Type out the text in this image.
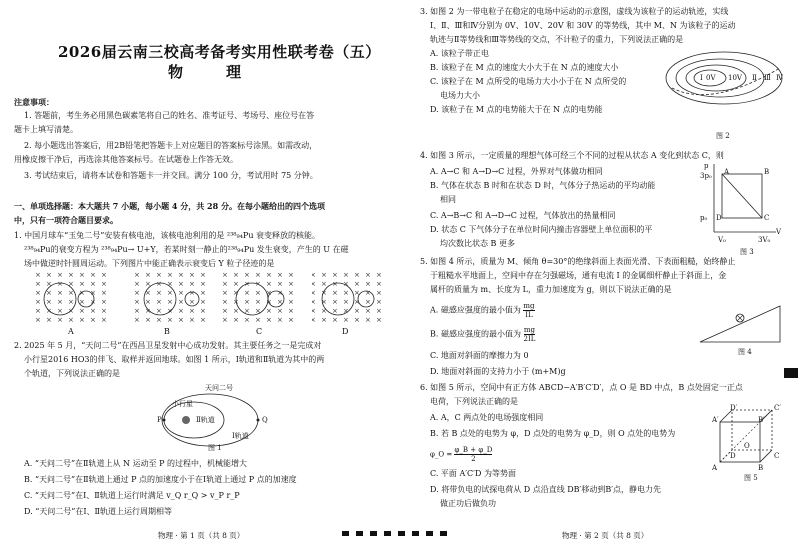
2026届云南三校高考备考实用性联考卷（五）
物　理
注意事项：
1. 答题前，考生务必用黑色碳素笔将自己的姓名、准考证号、考场号、座位号在答
题卡上填写清楚。
2. 每小题选出答案后，用2B铅笔把答题卡上对应题目的答案标号涂黑。如需改动，
用橡皮擦干净后，再选涂其他答案标号。在试题卷上作答无效。
3. 考试结束后，请将本试卷和答题卡一并交回。满分 100 分，考试用时 75 分钟。
一、单项选择题：本大题共 7 小题，每小题 4 分，共 28 分。在每小题给出的四个选项
中，只有一项符合题目要求。
1. 中国月球车“玉兔二号”安装有核电池，该核电池利用的是 ²³⁸₉₄Pu 衰变释放的核能。
²³⁸₉₄Pu的衰变方程为 ²³⁸₉₄Pu→ U+Y，若某时刻一静止的²³⁸₉₄Pu 发生衰变，产生的 U 在磁
场中做逆时针圆周运动。下列图片中能正确表示衰变后 Y 粒子径迹的是
A	B	C	D
2. 2025 年 5 月，“天问二号”在西昌卫星发射中心成功发射。其主要任务之一是完成对
小行星2016 HO3的伴飞、取样并返回地球。如图 1 所示，Ⅰ轨道和Ⅱ轨道为其中的两
个轨道，下列说法正确的是
天问二号
小行星
Ⅱ轨道
Ⅰ轨道
P	Q
图 1
A. “天问二号”在Ⅱ轨道上从 N 运动至 P 的过程中，机械能增大
B. “天问二号”在Ⅱ轨道上通过 P 点的加速度小于在Ⅰ轨道上通过 P 点的加速度
C. “天问二号”在Ⅰ、Ⅱ轨道上运行时满足 v_Q r_Q > v_P r_P
D. “天问二号”在Ⅰ、Ⅱ轨道上运行周期相等
物理 · 第 1 页（共 8 页）
3. 如图 2 为一带电粒子在稳定的电场中运动的示意图，虚线为该粒子的运动轨迹，实线
Ⅰ、Ⅱ、Ⅲ和Ⅳ分别为 0V、10V、20V 和 30V 的等势线，其中 M、N 为该粒子的运动
轨迹与Ⅱ等势线和Ⅲ等势线的交点，不计粒子的重力，下列说法正确的是
A. 该粒子带正电
B. 该粒子在 M 点的速度大小大于在 N 点的速度大小
C. 该粒子在 M 点所受的电场力大小小于在 N 点所受的
电场力大小
D. 该粒子在 M 点的电势能大于在 N 点的电势能
Ⅰ 0V 10V Ⅱ Ⅲ Ⅳ
图 2
4. 如图 3 所示，一定质量的理想气体可经三个不同的过程从状态 A 变化到状态 C，则
A. A→C 和 A→D→C 过程，外界对气体做功相同
B. 气体在状态 B 时和在状态 D 时，气体分子热运动的平均动能
相同
C. A→B→C 和 A→D→C 过程，气体放出的热量相同
D. 状态 C 下气体分子在单位时间内撞击容器壁上单位面积的平
均次数比状态 B 更多
p
V
3p₀
p₀
V₀	3V₀
A	B
C
D
图 3
5. 如图 4 所示，质量为 M、倾角 θ=30°的绝缘斜面上表面光滑、下表面粗糙，始终静止
于粗糙水平地面上，空间中存在匀强磁场，通有电流 I 的金属细杆静止于斜面上，金
属杆的质量为 m、长度为 L，重力加速度为 g，则以下说法正确的是
A. 磁感应强度的最小值为 $\frac{mg}{IL}$
B. 磁感应强度的最小值为 $\frac{mg}{2IL}$
C. 地面对斜面的摩擦力为 0
D. 地面对斜面的支持力小于 (m+M)g
图 4
6. 如图 5 所示，空间中有正方体 ABCD−A′B′C′D′，点 O 是 BD 中点，B 点处固定一正点
电荷，下列说法正确的是
A. A，C 两点处的电场强度相同
B. 若 B 点处的电势为 φ，D 点处的电势为 φ_D，则 O 点处的电势为
φ_O = $\frac{\varphi\_B + \varphi\_D}{2}$
C. 平面 A′C′D 为等势面
D. 将带负电的试探电荷从 D 点沿直线 DB′移动到B′点，静电力先
做正功后做负功
A′
D′
B′
C′
A	B
C
D
O
图 5
物理 · 第 2 页（共 8 页）
